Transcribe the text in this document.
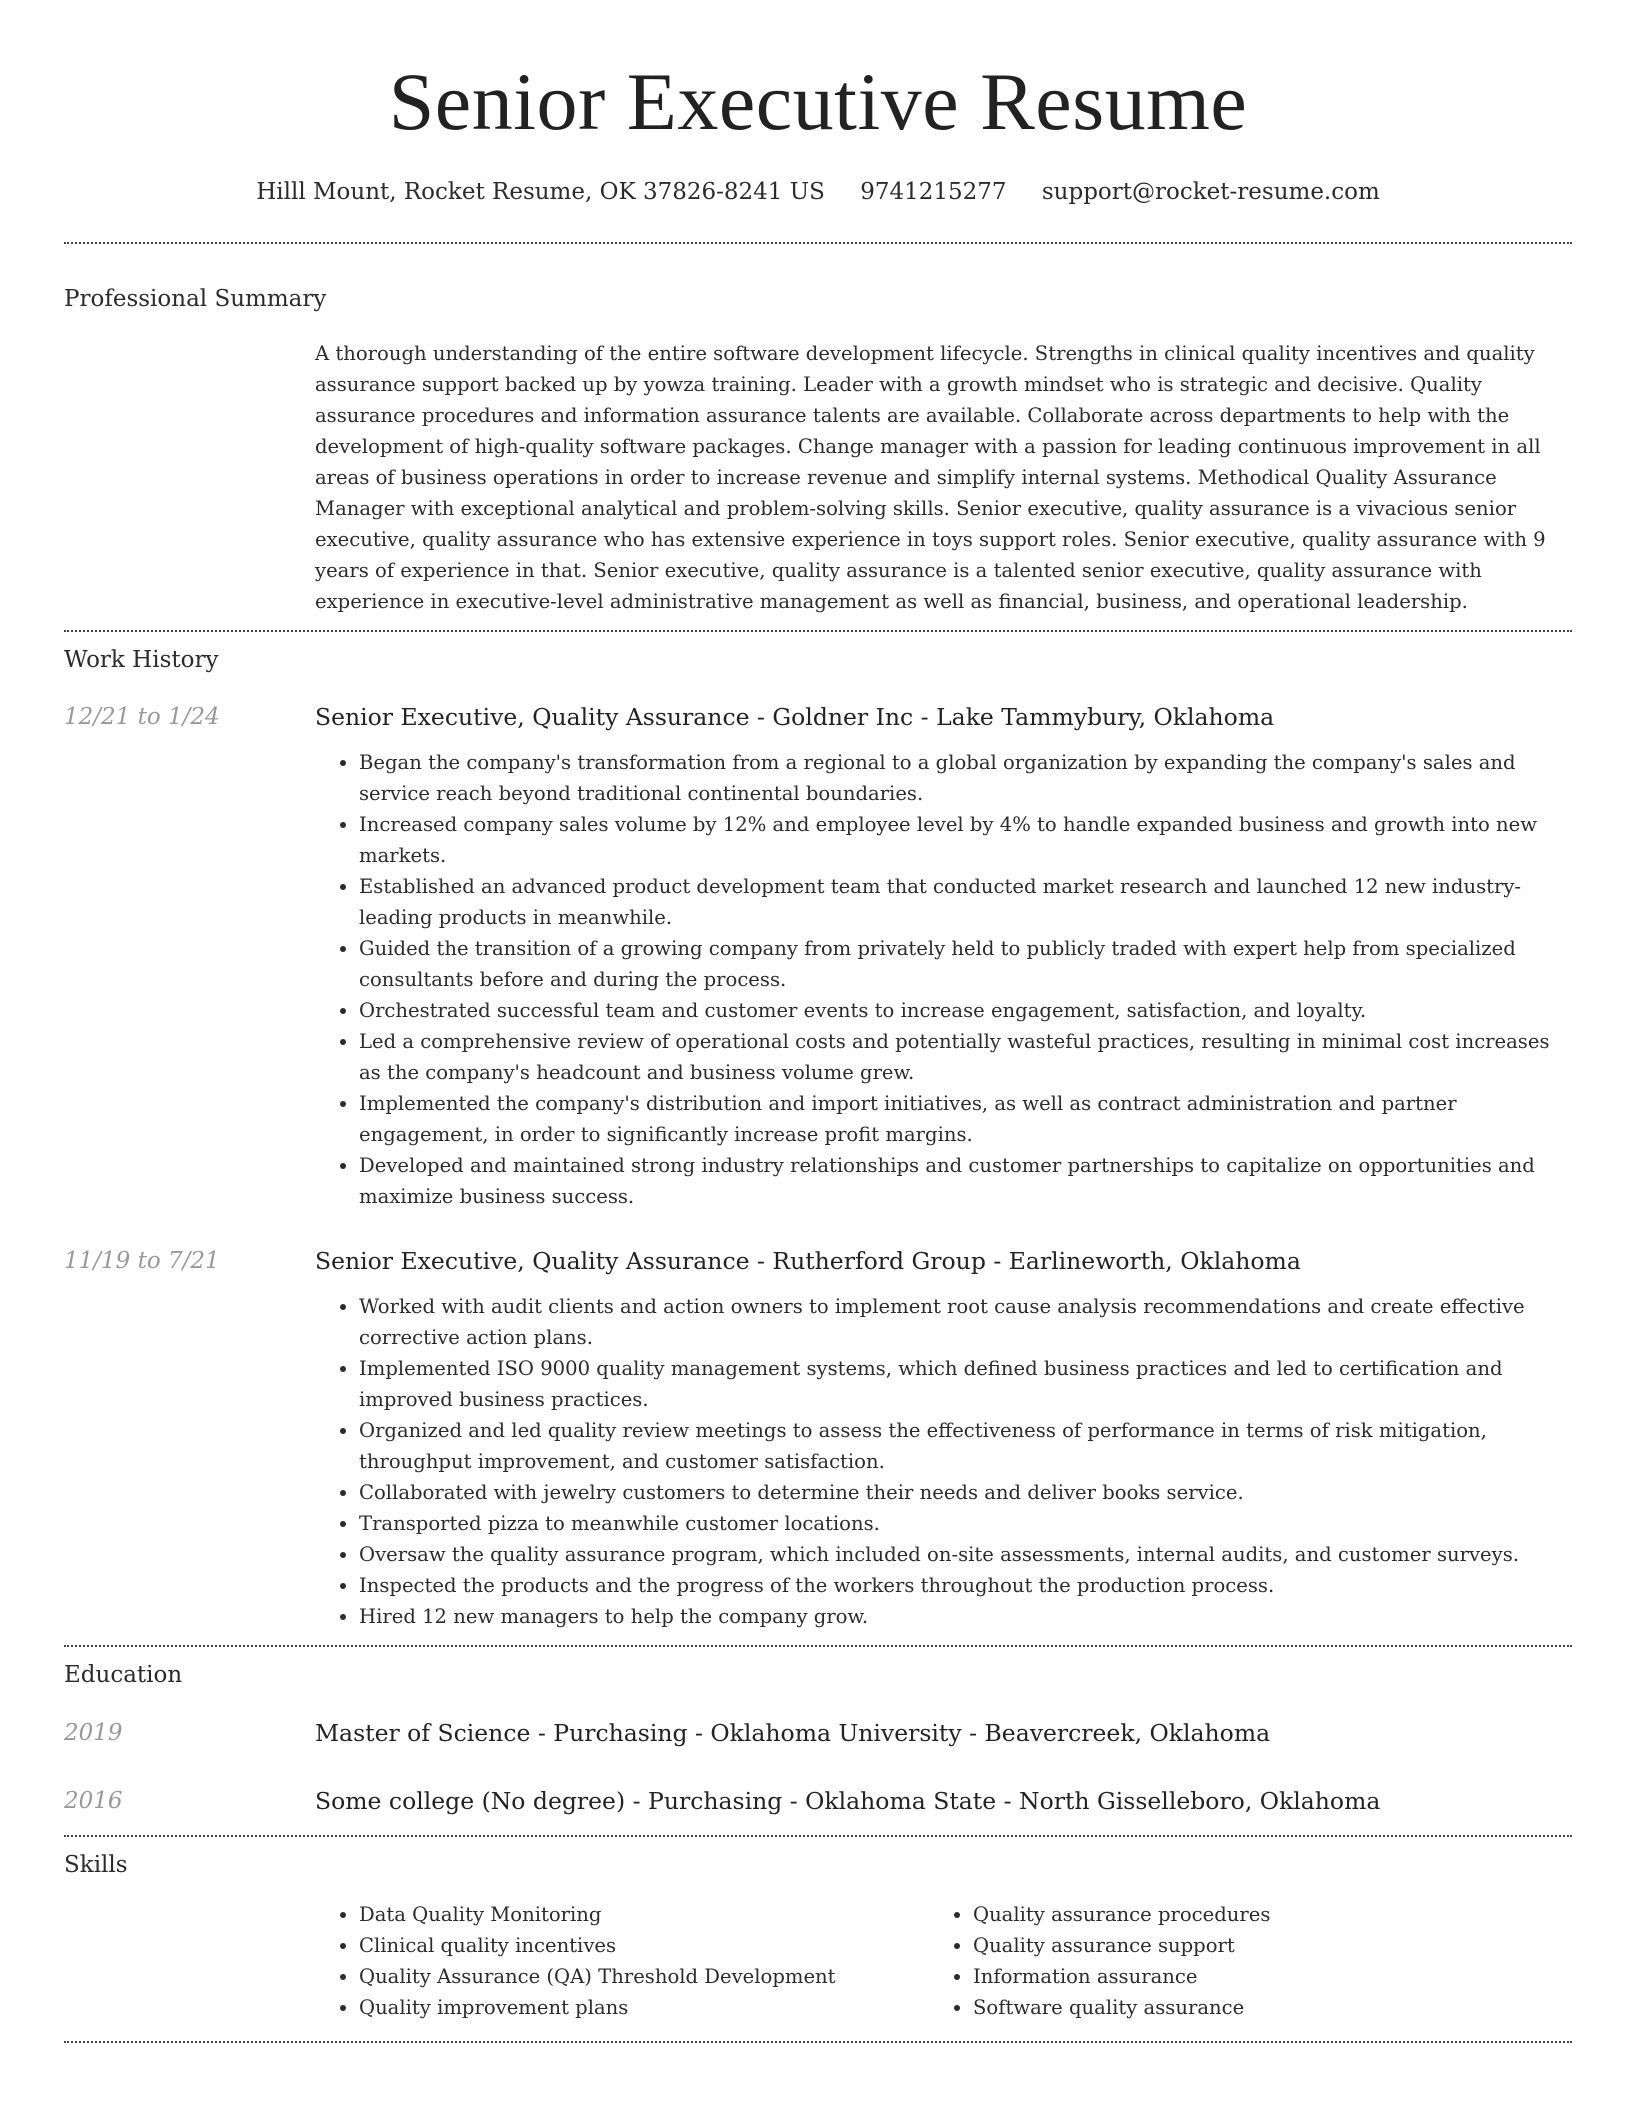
Senior Executive Resume
Hilll Mount, Rocket Resume, OK 37826-8241 US 9741215277 support@rocket-resume.com
Professional Summary

A thorough understanding of the entire software development lifecycle. Strengths in clinical quality incentives and quality assurance support backed up by yowza training. Leader with a growth mindset who is strategic and decisive. Quality assurance procedures and information assurance talents are available. Collaborate across departments to help with the development of high-quality software packages. Change manager with a passion for leading continuous improvement in all areas of business operations in order to increase revenue and simplify internal systems. Methodical Quality Assurance Manager with exceptional analytical and problem-solving skills. Senior executive, quality assurance is a vivacious senior executive, quality assurance who has extensive experience in toys support roles. Senior executive, quality assurance with 9 years of experience in that. Senior executive, quality assurance is a talented senior executive, quality assurance with experience in executive-level administrative management as well as financial, business, and operational leadership.

Work History
12/21 to 1/24	Senior Executive, Quality Assurance - Goldner Inc - Lake Tammybury, Oklahoma
• Began the company's transformation from a regional to a global organization by expanding the company's sales and service reach beyond traditional continental boundaries.
• Increased company sales volume by 12% and employee level by 4% to handle expanded business and growth into new markets.
• Established an advanced product development team that conducted market research and launched 12 new industry-leading products in meanwhile.
• Guided the transition of a growing company from privately held to publicly traded with expert help from specialized consultants before and during the process.
• Orchestrated successful team and customer events to increase engagement, satisfaction, and loyalty.
• Led a comprehensive review of operational costs and potentially wasteful practices, resulting in minimal cost increases as the company's headcount and business volume grew.
• Implemented the company's distribution and import initiatives, as well as contract administration and partner engagement, in order to significantly increase profit margins.
• Developed and maintained strong industry relationships and customer partnerships to capitalize on opportunities and maximize business success.
11/19 to 7/21	Senior Executive, Quality Assurance - Rutherford Group - Earlineworth, Oklahoma
• Worked with audit clients and action owners to implement root cause analysis recommendations and create effective corrective action plans.
• Implemented ISO 9000 quality management systems, which defined business practices and led to certification and improved business practices.
• Organized and led quality review meetings to assess the effectiveness of performance in terms of risk mitigation, throughput improvement, and customer satisfaction.
• Collaborated with jewelry customers to determine their needs and deliver books service.
• Transported pizza to meanwhile customer locations.
• Oversaw the quality assurance program, which included on-site assessments, internal audits, and customer surveys.
• Inspected the products and the progress of the workers throughout the production process.
• Hired 12 new managers to help the company grow.
Education
2019	Master of Science - Purchasing - Oklahoma University - Beavercreek, Oklahoma
2016	Some college (No degree) - Purchasing - Oklahoma State - North Gisselleboro, Oklahoma
Skills
• Data Quality Monitoring
• Clinical quality incentives
• Quality Assurance (QA) Threshold Development
• Quality improvement plans
• Quality assurance procedures
• Quality assurance support
• Information assurance
• Software quality assurance
